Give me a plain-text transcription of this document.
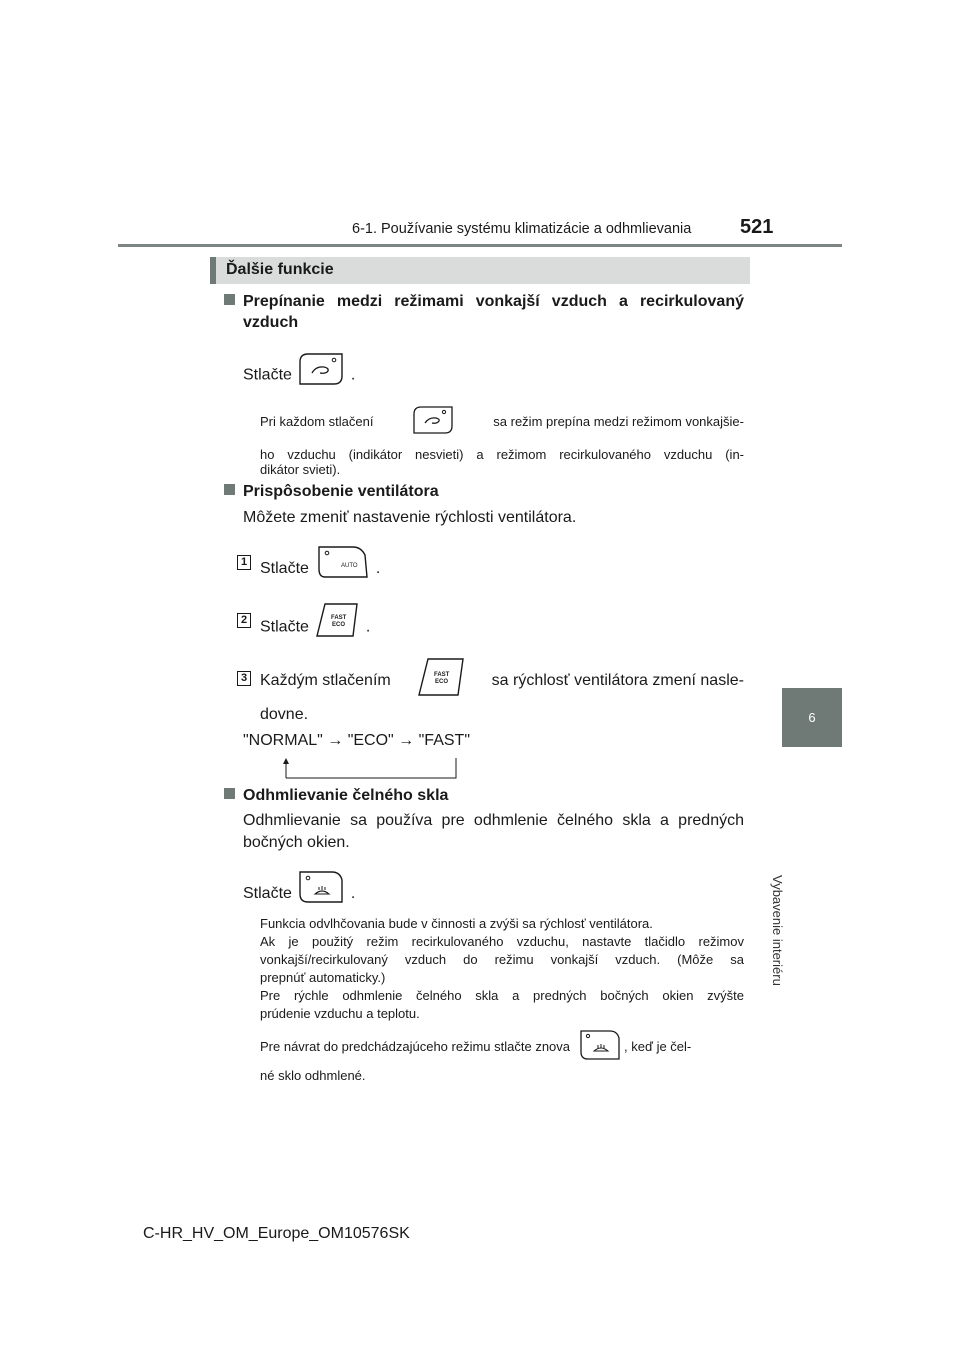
6-1. Používanie systému klimatizácie a odhmlievania 521
6
Vybavenie interiéru
Ďalšie funkcie
Prepínanie medzi režimami vonkajší vzduch a recirkulovaný
vzduch
Stlačte	.
Pri každom stlačení	sa režim prepína medzi režimom vonkajšie-
ho vzduchu (indikátor nesvieti) a režimom recirkulovaného vzduchu (in-
dikátor svieti).
Prispôsobenie ventilátora
Môžete zmeniť nastavenie rýchlosti ventilátora.
1 Stlačte	AUTO .
2 Stlačte
FAST
ECO .
3 Každým stlačením	FAST
ECO	sa rýchlosť ventilátora zmení nasle-
dovne.
"NORMAL" → "ECO" → "FAST"
Odhmlievanie čelného skla
Odhmlievanie sa používa pre odhmlenie čelného skla a predných
bočných okien.
Stlačte	.
Funkcia odvlhčovania bude v činnosti a zvýši sa rýchlosť ventilátora.
Ak je použitý režim recirkulovaného vzduchu, nastavte tlačidlo režimov
vonkajší/recirkulovaný vzduch do režimu vonkajší vzduch. (Môže sa
prepnúť automaticky.)
Pre rýchle odhmlenie čelného skla a predných bočných okien zvýšte
prúdenie vzduchu a teplotu.
Pre návrat do predchádzajúceho režimu stlačte znova	, keď je čel-
né sklo odhmlené.
C-HR_HV_OM_Europe_OM10576SK
